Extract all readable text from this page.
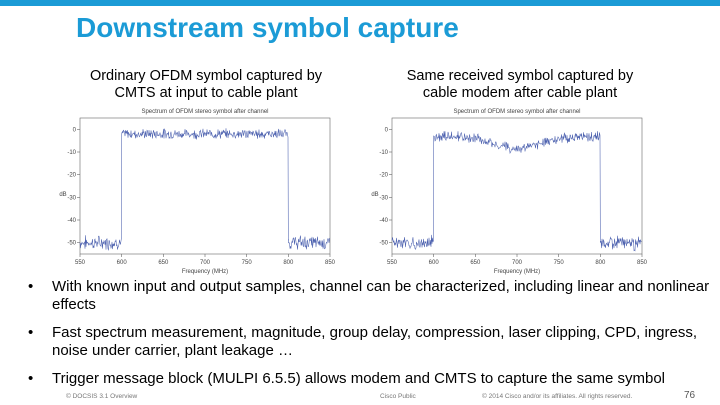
Downstream symbol capture
Ordinary OFDM symbol captured by
CMTS at input to cable plant
Same received symbol captured by
cable modem after cable plant
Spectrum of OFDM stereo symbol after channel
550	600	650	700	750	800	850
0
-10
-20
-30
-40
-50
Frequency (MHz)
dB
Spectrum of OFDM stereo symbol after channel
550	600	650	700	750	800	850
0
-10
-20
-30
-40
-50
Frequency (MHz)
dB
• With known input and output samples, channel can be characterized, including linear and nonlinear effects
• Fast spectrum measurement, magnitude, group delay, compression, laser clipping, CPD, ingress, noise under carrier, plant leakage …
• Trigger message block (MULPI 6.5.5) allows modem and CMTS to capture the same symbol
© DOCSIS 3.1 Overview	Cisco Public	© 2014 Cisco and/or its affiliates. All rights reserved.	76
